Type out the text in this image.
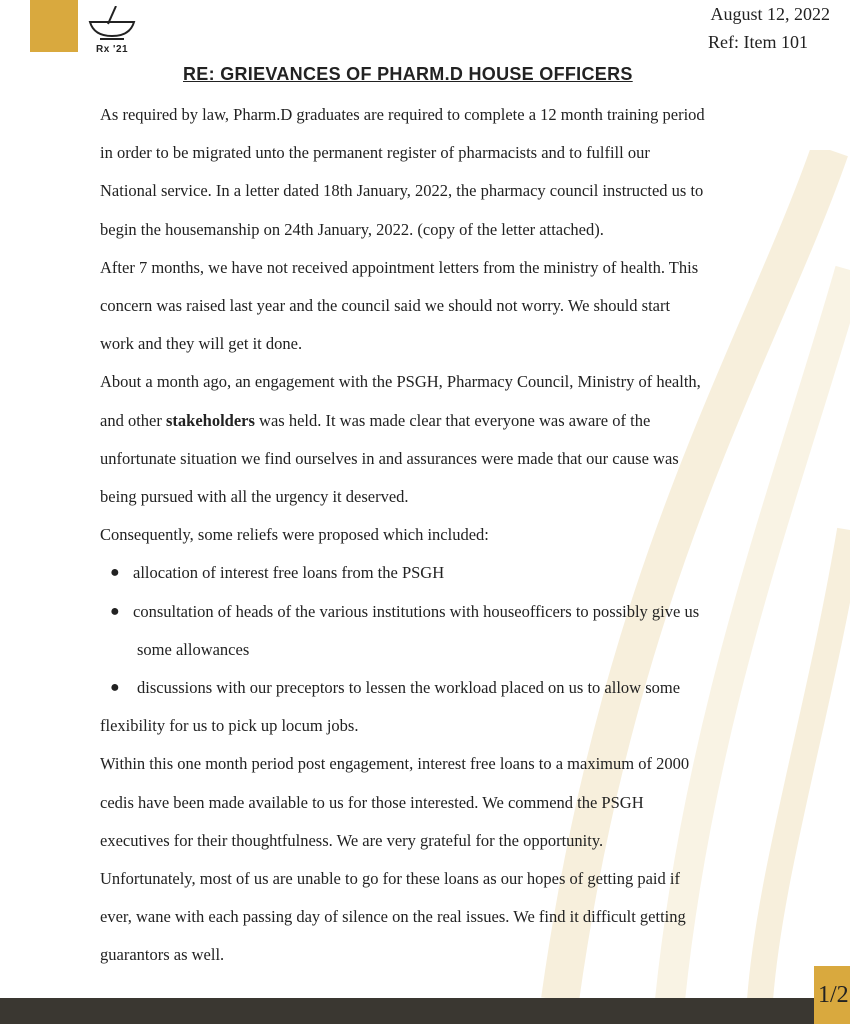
Rx '21
August 12, 2022
Ref: Item 101
RE: GRIEVANCES OF PHARM.D HOUSE OFFICERS

As required by law, Pharm.D graduates are required to complete a 12 month training period
in order to be migrated unto the permanent register of pharmacists and to fulfill our
National service. In a letter dated 18th January, 2022, the pharmacy council instructed us to
begin the housemanship on 24th January, 2022. (copy of the letter attached).

After 7 months, we have not received appointment letters from the ministry of health. This
concern was raised last year and the council said we should not worry. We should start
work and they will get it done.

About a month ago, an engagement with the PSGH, Pharmacy Council, Ministry of health,
and other stakeholders was held. It was made clear that everyone was aware of the
unfortunate situation we find ourselves in and assurances were made that our cause was
being pursued with all the urgency it deserved.

Consequently, some reliefs were proposed which included:

● allocation of interest free loans from the PSGH
● consultation of heads of the various institutions with houseofficers to possibly give us
some allowances
● discussions with our preceptors to lessen the workload placed on us to allow some
flexibility for us to pick up locum jobs.

Within this one month period post engagement, interest free loans to a maximum of 2000
cedis have been made available to us for those interested. We commend the PSGH
executives for their thoughtfulness. We are very grateful for the opportunity.

Unfortunately, most of us are unable to go for these loans as our hopes of getting paid if
ever, wane with each passing day of silence on the real issues. We find it difficult getting
guarantors as well.

1/2
